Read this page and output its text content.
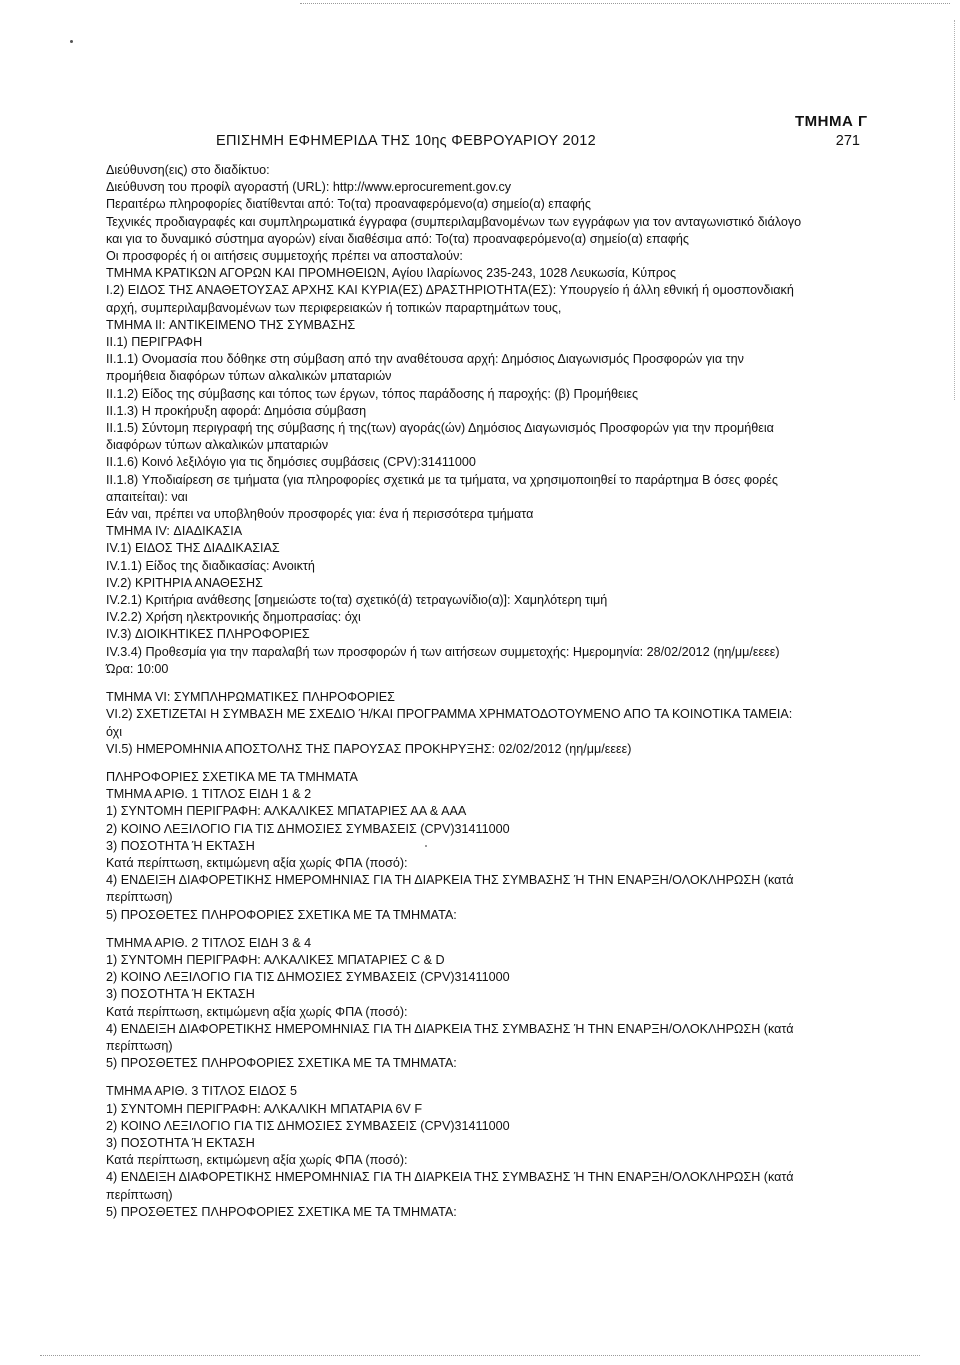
ΤΜΗΜΑ Γ
ΕΠΙΣΗΜΗ ΕΦΗΜΕΡΙΔΑ ΤΗΣ 10ης ΦΕΒΡΟΥΑΡΙΟΥ 2012	271
Διεύθυνση(εις) στο διαδίκτυο:
Διεύθυνση του προφίλ αγοραστή (URL): http://www.eprocurement.gov.cy
Περαιτέρω πληροφορίες διατίθενται από: Το(τα) προαναφερόμενο(α) σημείο(α) επαφής
Τεχνικές προδιαγραφές και συμπληρωματικά έγγραφα (συμπεριλαμβανομένων των εγγράφων για τον ανταγωνιστικό διάλογο
και για το δυναμικό σύστημα αγορών) είναι διαθέσιμα από: Το(τα) προαναφερόμενο(α) σημείο(α) επαφής
Οι προσφορές ή οι αιτήσεις συμμετοχής πρέπει να αποσταλούν:
ΤΜΗΜΑ ΚΡΑΤΙΚΩΝ ΑΓΟΡΩΝ ΚΑΙ ΠΡΟΜΗΘΕΙΩΝ, Αγίου Ιλαρίωνος 235-243, 1028 Λευκωσία, Κύπρος
I.2) ΕΙΔΟΣ ΤΗΣ ΑΝΑΘΕΤΟΥΣΑΣ ΑΡΧΗΣ ΚΑΙ ΚΥΡΙΑ(ΕΣ) ΔΡΑΣΤΗΡΙΟΤΗΤΑ(ΕΣ): Υπουργείο ή άλλη εθνική ή ομοσπονδιακή
αρχή, συμπεριλαμβανομένων των περιφερειακών ή τοπικών παραρτημάτων τους,
ΤΜΗΜΑ II: ΑΝΤΙΚΕΙΜΕΝΟ ΤΗΣ ΣΥΜΒΑΣΗΣ
II.1) ΠΕΡΙΓΡΑΦΗ
II.1.1) Ονομασία που δόθηκε στη σύμβαση από την αναθέτουσα αρχή: Δημόσιος Διαγωνισμός Προσφορών για την
προμήθεια διαφόρων τύπων αλκαλικών μπαταριών
II.1.2) Είδος της σύμβασης και τόπος των έργων, τόπος παράδοσης ή παροχής: (β) Προμήθειες
II.1.3) Η προκήρυξη αφορά: Δημόσια σύμβαση
II.1.5) Σύντομη περιγραφή της σύμβασης ή της(των) αγοράς(ών) Δημόσιος Διαγωνισμός Προσφορών για την προμήθεια
διαφόρων τύπων αλκαλικών μπαταριών
II.1.6) Κοινό λεξιλόγιο για τις δημόσιες συμβάσεις (CPV):31411000
II.1.8) Υποδιαίρεση σε τμήματα (για πληροφορίες σχετικά με τα τμήματα, να χρησιμοποιηθεί το παράρτημα Β όσες φορές
απαιτείται): ναι
Εάν ναι, πρέπει να υποβληθούν προσφορές για: ένα ή περισσότερα τμήματα
ΤΜΗΜΑ IV: ΔΙΑΔΙΚΑΣΙΑ
IV.1) ΕΙΔΟΣ ΤΗΣ ΔΙΑΔΙΚΑΣΙΑΣ
IV.1.1) Είδος της διαδικασίας: Ανοικτή
IV.2) ΚΡΙΤΗΡΙΑ ΑΝΑΘΕΣΗΣ
IV.2.1) Κριτήρια ανάθεσης [σημειώστε το(τα) σχετικό(ά) τετραγωνίδιο(α)]: Χαμηλότερη τιμή
IV.2.2) Χρήση ηλεκτρονικής δημοπρασίας: όχι
IV.3) ΔΙΟΙΚΗΤΙΚΕΣ ΠΛΗΡΟΦΟΡΙΕΣ
IV.3.4) Προθεσμία για την παραλαβή των προσφορών ή των αιτήσεων συμμετοχής: Ημερομηνία: 28/02/2012 (ηη/μμ/εεεε)
Ώρα: 10:00
ΤΜΗΜΑ VI: ΣΥΜΠΛΗΡΩΜΑΤΙΚΕΣ ΠΛΗΡΟΦΟΡΙΕΣ
VI.2) ΣΧΕΤΙΖΕΤΑΙ Η ΣΥΜΒΑΣΗ ΜΕ ΣΧΕΔΙΟ Ή/ΚΑΙ ΠΡΟΓΡΑΜΜΑ ΧΡΗΜΑΤΟΔΟΤΟΥΜΕΝΟ ΑΠΟ ΤΑ ΚΟΙΝΟΤΙΚΑ ΤΑΜΕΙΑ:
όχι
VI.5) ΗΜΕΡΟΜΗΝΙΑ ΑΠΟΣΤΟΛΗΣ ΤΗΣ ΠΑΡΟΥΣΑΣ ΠΡΟΚΗΡΥΞΗΣ: 02/02/2012 (ηη/μμ/εεεε)
ΠΛΗΡΟΦΟΡΙΕΣ ΣΧΕΤΙΚΑ ΜΕ ΤΑ ΤΜΗΜΑΤΑ
ΤΜΗΜΑ ΑΡΙΘ. 1 ΤΙΤΛΟΣ ΕΙΔΗ 1 & 2
1) ΣΥΝΤΟΜΗ ΠΕΡΙΓΡΑΦΗ: ΑΛΚΑΛΙΚΕΣ ΜΠΑΤΑΡΙΕΣ ΑΑ & ΑΑΑ
2) ΚΟΙΝΟ ΛΕΞΙΛΟΓΙΟ ΓΙΑ ΤΙΣ ΔΗΜΟΣΙΕΣ ΣΥΜΒΑΣΕΙΣ (CPV)31411000
3) ΠΟΣΟΤΗΤΑ Ή ΕΚΤΑΣΗ
Κατά περίπτωση, εκτιμώμενη αξία χωρίς ΦΠΑ (ποσό):
4) ΕΝΔΕΙΞΗ ΔΙΑΦΟΡΕΤΙΚΗΣ ΗΜΕΡΟΜΗΝΙΑΣ ΓΙΑ ΤΗ ΔΙΑΡΚΕΙΑ ΤΗΣ ΣΥΜΒΑΣΗΣ Ή ΤΗΝ ΕΝΑΡΞΗ/ΟΛΟΚΛΗΡΩΣΗ (κατά
περίπτωση)
5) ΠΡΟΣΘΕΤΕΣ ΠΛΗΡΟΦΟΡΙΕΣ ΣΧΕΤΙΚΑ ΜΕ ΤΑ ΤΜΗΜΑΤΑ:
ΤΜΗΜΑ ΑΡΙΘ. 2 ΤΙΤΛΟΣ ΕΙΔΗ 3 & 4
1) ΣΥΝΤΟΜΗ ΠΕΡΙΓΡΑΦΗ: ΑΛΚΑΛΙΚΕΣ ΜΠΑΤΑΡΙΕΣ C & D
2) ΚΟΙΝΟ ΛΕΞΙΛΟΓΙΟ ΓΙΑ ΤΙΣ ΔΗΜΟΣΙΕΣ ΣΥΜΒΑΣΕΙΣ (CPV)31411000
3) ΠΟΣΟΤΗΤΑ Ή ΕΚΤΑΣΗ
Κατά περίπτωση, εκτιμώμενη αξία χωρίς ΦΠΑ (ποσό):
4) ΕΝΔΕΙΞΗ ΔΙΑΦΟΡΕΤΙΚΗΣ ΗΜΕΡΟΜΗΝΙΑΣ ΓΙΑ ΤΗ ΔΙΑΡΚΕΙΑ ΤΗΣ ΣΥΜΒΑΣΗΣ Ή ΤΗΝ ΕΝΑΡΞΗ/ΟΛΟΚΛΗΡΩΣΗ (κατά
περίπτωση)
5) ΠΡΟΣΘΕΤΕΣ ΠΛΗΡΟΦΟΡΙΕΣ ΣΧΕΤΙΚΑ ΜΕ ΤΑ ΤΜΗΜΑΤΑ:
ΤΜΗΜΑ ΑΡΙΘ. 3 ΤΙΤΛΟΣ ΕΙΔΟΣ 5
1) ΣΥΝΤΟΜΗ ΠΕΡΙΓΡΑΦΗ: ΑΛΚΑΛΙΚΗ ΜΠΑΤΑΡΙΑ 6V F
2) ΚΟΙΝΟ ΛΕΞΙΛΟΓΙΟ ΓΙΑ ΤΙΣ ΔΗΜΟΣΙΕΣ ΣΥΜΒΑΣΕΙΣ (CPV)31411000
3) ΠΟΣΟΤΗΤΑ Ή ΕΚΤΑΣΗ
Κατά περίπτωση, εκτιμώμενη αξία χωρίς ΦΠΑ (ποσό):
4) ΕΝΔΕΙΞΗ ΔΙΑΦΟΡΕΤΙΚΗΣ ΗΜΕΡΟΜΗΝΙΑΣ ΓΙΑ ΤΗ ΔΙΑΡΚΕΙΑ ΤΗΣ ΣΥΜΒΑΣΗΣ Ή ΤΗΝ ΕΝΑΡΞΗ/ΟΛΟΚΛΗΡΩΣΗ (κατά
περίπτωση)
5) ΠΡΟΣΘΕΤΕΣ ΠΛΗΡΟΦΟΡΙΕΣ ΣΧΕΤΙΚΑ ΜΕ ΤΑ ΤΜΗΜΑΤΑ:
